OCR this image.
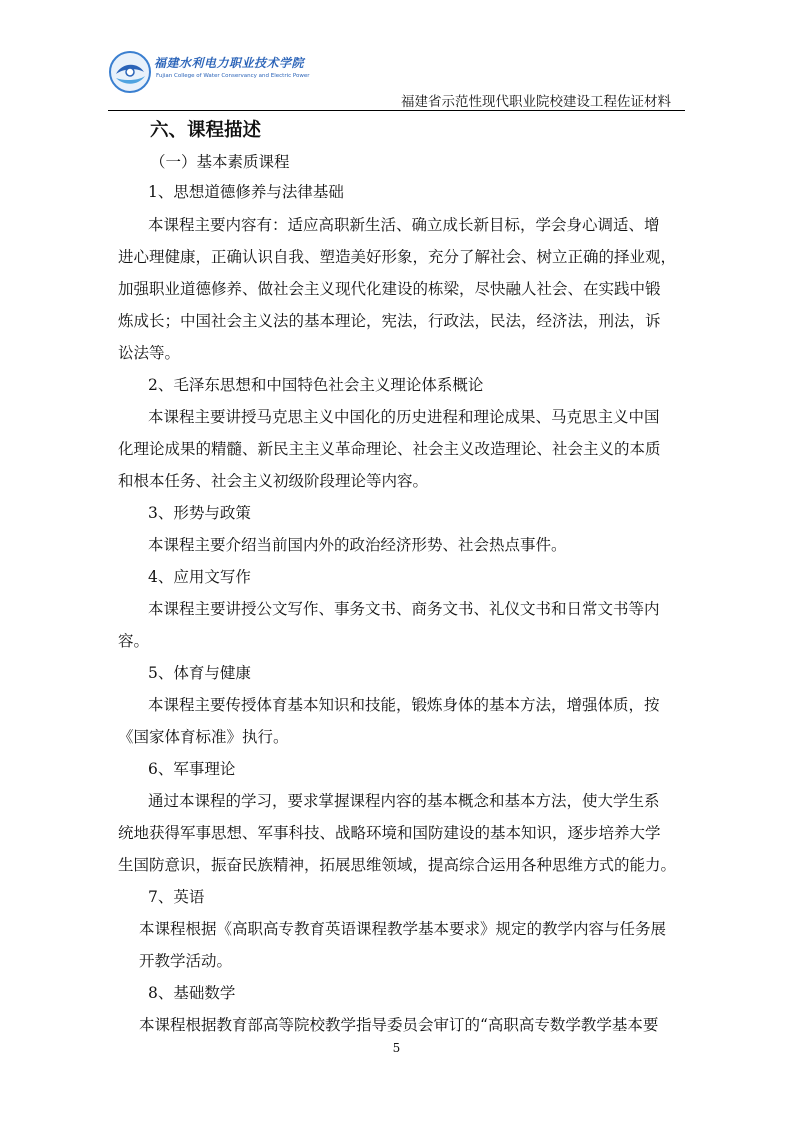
福建水利电力职业技术学院
Fujian College of Water Conservancy and Electric Power
福建省示范性现代职业院校建设工程佐证材料
六、课程描述
（一）基本素质课程
1、思想道德修养与法律基础
本课程主要内容有：适应高职新生活、确立成长新目标，学会身心调适、增
进心理健康，正确认识自我、塑造美好形象，充分了解社会、树立正确的择业观，
加强职业道德修养、做社会主义现代化建设的栋梁，尽快融人社会、在实践中锻
炼成长；中国社会主义法的基本理论，宪法，行政法，民法，经济法，刑法，诉
讼法等。
2、毛泽东思想和中国特色社会主义理论体系概论
本课程主要讲授马克思主义中国化的历史进程和理论成果、马克思主义中国
化理论成果的精髓、新民主主义革命理论、社会主义改造理论、社会主义的本质
和根本任务、社会主义初级阶段理论等内容。
3、形势与政策
本课程主要介绍当前国内外的政治经济形势、社会热点事件。
4、应用文写作
本课程主要讲授公文写作、事务文书、商务文书、礼仪文书和日常文书等内
容。
5、体育与健康
本课程主要传授体育基本知识和技能，锻炼身体的基本方法，增强体质，按
《国家体育标准》执行。
6、军事理论
通过本课程的学习，要求掌握课程内容的基本概念和基本方法，使大学生系
统地获得军事思想、军事科技、战略环境和国防建设的基本知识，逐步培养大学
生国防意识，振奋民族精神，拓展思维领域，提高综合运用各种思维方式的能力。
7、英语
本课程根据《高职高专教育英语课程教学基本要求》规定的教学内容与任务展
开教学活动。
8、基础数学
本课程根据教育部高等院校教学指导委员会审订的“高职高专数学教学基本要
5
